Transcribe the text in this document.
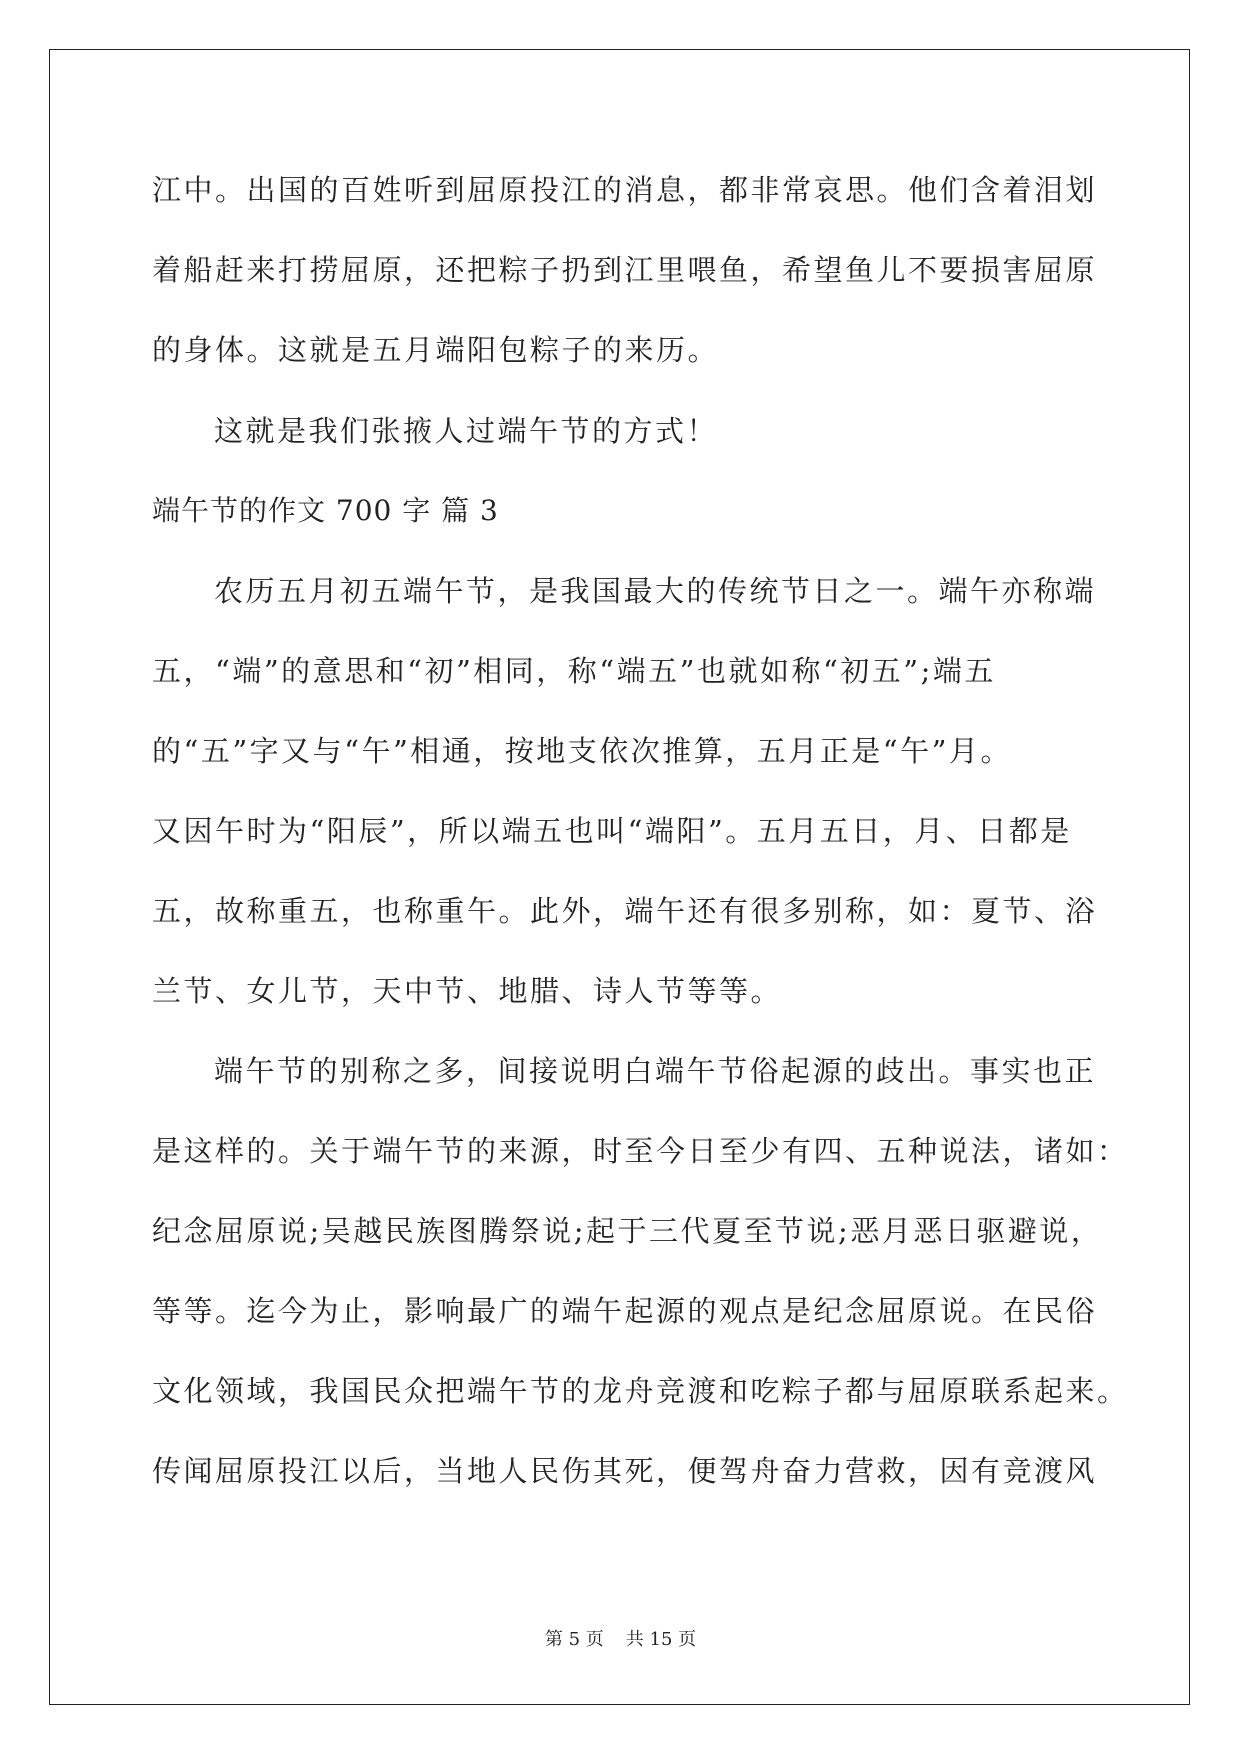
江中。出国的百姓听到屈原投江的消息，都非常哀思。他们含着泪划
着船赶来打捞屈原，还把粽子扔到江里喂鱼，希望鱼儿不要损害屈原
的身体。这就是五月端阳包粽子的来历。
这就是我们张掖人过端午节的方式！
端午节的作文 700 字 篇 3
农历五月初五端午节，是我国最大的传统节日之一。端午亦称端
五，“端”的意思和“初”相同，称“端五”也就如称“初五”;端五
的“五”字又与“午”相通，按地支依次推算，五月正是“午”月。
又因午时为“阳辰”，所以端五也叫“端阳”。五月五日，月、日都是
五，故称重五，也称重午。此外，端午还有很多别称，如：夏节、浴
兰节、女儿节，天中节、地腊、诗人节等等。
端午节的别称之多，间接说明白端午节俗起源的歧出。事实也正
是这样的。关于端午节的来源，时至今日至少有四、五种说法，诸如：
纪念屈原说;吴越民族图腾祭说;起于三代夏至节说;恶月恶日驱避说，
等等。迄今为止，影响最广的端午起源的观点是纪念屈原说。在民俗
文化领域，我国民众把端午节的龙舟竞渡和吃粽子都与屈原联系起来。
传闻屈原投江以后，当地人民伤其死，便驾舟奋力营救，因有竞渡风
第 5 页 共 15 页
